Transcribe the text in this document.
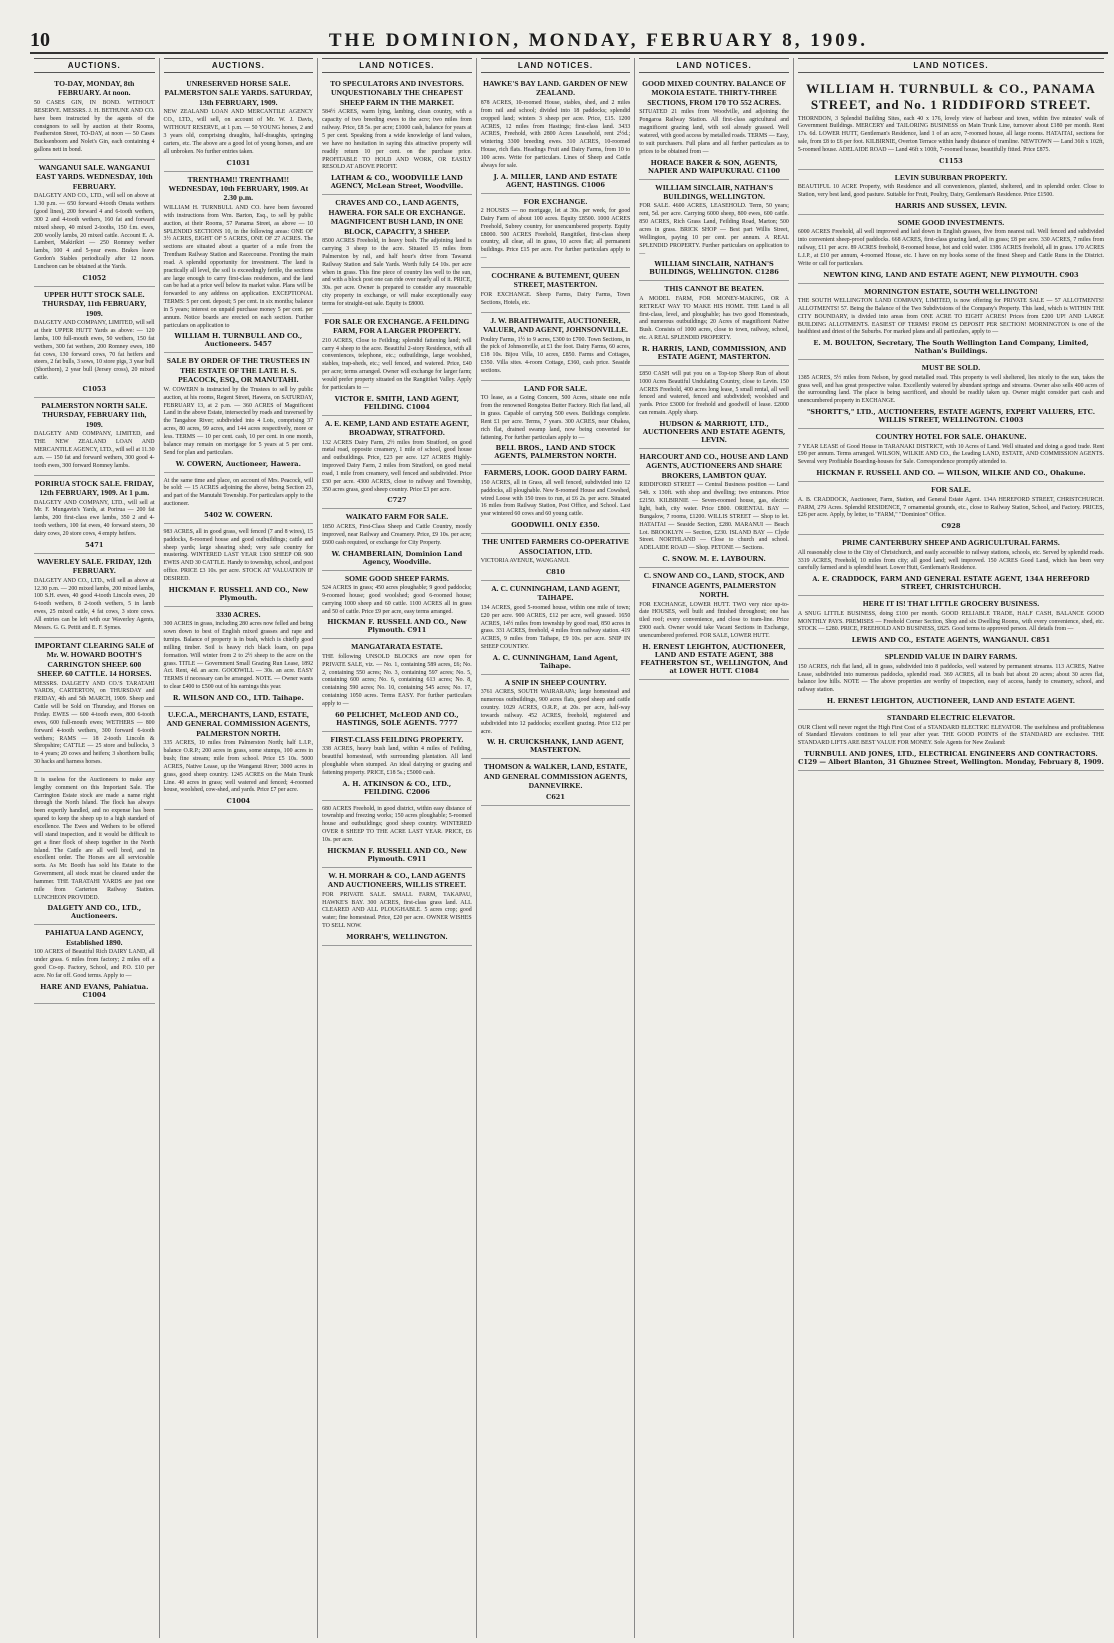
10	THE DOMINION, MONDAY, FEBRUARY 8, 1909.
AUCTIONS.
TO-DAY, MONDAY, 8th FEBRUARY. At noon.
50 CASES GIN, IN BOND. WITHOUT RESERVE. MESSRS. J. H. BETHUNE AND CO. have been instructed by the agents of the consignors to sell by auction at their Rooms, Featherston Street, TO-DAY, at noon — 50 Cases Bucksenboom and Nolet's Gin, each containing 4 gallons nett in bond.
WANGANUI SALE. WANGANUI EAST YARDS. WEDNESDAY, 10th FEBRUARY.
DALGETY AND CO., LTD., will sell on above at 1.30 p.m. — 650 forward 4-tooth Omata wethers (good lines), 200 forward 4 and 6-tooth wethers, 300 2 and 4-tooth wethers, 160 fat and forward mixed sheep, 40 mixed 2-tooths, 150 f.m. ewes, 200 woolly lambs, 20 mixed cattle. Account E. A. Lambert, Makirikiri — 250 Romney wether lambs, 100 4 and 5-year ewes. Brakes leave Gordon's Stables periodically after 12 noon. Luncheon can be obtained at the Yards.
C1052
UPPER HUTT STOCK SALE. THURSDAY, 11th FEBRUARY, 1909.
DALGETY AND COMPANY, LIMITED, will sell at their UPPER HUTT Yards as above: — 120 lambs, 100 full-mouth ewes, 50 wethers, 150 fat wethers, 300 fat wethers, 200 Romney ewes, 180 fat cows, 130 forward cows, 70 fat heifers and steers, 2 fat bulls, 3 sows, 10 store pigs, 3 year bull (Shorthorn), 2 year bull (Jersey cross), 20 mixed cattle.
C1053
PALMERSTON NORTH SALE. THURSDAY, FEBRUARY 11th, 1909.
DALGETY AND COMPANY, LIMITED, and THE NEW ZEALAND LOAN AND MERCANTILE AGENCY, LTD., will sell at 11.30 a.m. — 150 fat and forward wethers, 300 good 4-tooth ewes, 300 forward Romney lambs.
PORIRUA STOCK SALE. FRIDAY, 12th FEBRUARY, 1909. At 1 p.m.
DALGETY AND COMPANY, LTD., will sell at Mr. F. Mungavin's Yards, at Porirua — 200 fat lambs, 200 first-class ewe lambs, 350 2 and 4-tooth wethers, 100 fat ewes, 40 forward steers, 30 dairy cows, 20 store cows, 4 empty heifers.
5471
WAVERLEY SALE. FRIDAY, 12th FEBRUARY.
DALGETY AND CO., LTD., will sell as above at 12.30 p.m. — 200 mixed lambs, 200 mixed lambs, 100 S.H. ewes, 40 good 4-tooth Lincoln ewes, 20 6-tooth wethers, 8 2-tooth wethers, 5 in lamb ewes, 25 mixed cattle, 4 fat cows, 3 store cows. All entries can be left with our Waverley Agents, Messrs. G. G. Pettit and E. F. Symes.
IMPORTANT CLEARING SALE of Mr. W. HOWARD BOOTH'S CARRINGTON SHEEP. 600 SHEEP. 60 CATTLE. 14 HORSES.
MESSRS. DALGETY AND CO.'S TARATAHI YARDS, CARTERTON, on THURSDAY and FRIDAY, 4th and 5th MARCH, 1909. Sheep and Cattle will be Sold on Thursday, and Horses on Friday. EWES — 600 4-tooth ewes, 800 6-tooth ewes, 600 full-mouth ewes; WETHERS — 800 forward 4-tooth wethers, 300 forward 6-tooth wethers; RAMS — 18 2-tooth Lincoln & Shropshire; CATTLE — 25 store and bullocks, 3 to 4 years; 20 cows and heifers; 3 shorthorn bulls; 30 hacks and harness horses.
It is useless for the Auctioneers to make any lengthy comment on this Important Sale. The Carrington Estate stock are made a name right through the North Island. The flock has always been expertly handled, and no expense has been spared to keep the sheep up to a high standard of excellence. The Ewes and Wethers to be offered will stand inspection, and it would be difficult to get a finer flock of sheep together in the North Island. The Cattle are all well bred, and in excellent order. The Horses are all serviceable sorts. As Mr. Booth has sold his Estate to the Government, all stock must be cleared under the hammer. THE TARATAHI YARDS are just one mile from Carterton Railway Station. LUNCHEON PROVIDED.
DALGETY AND CO., LTD., Auctioneers.
PAHIATUA LAND AGENCY, Established 1890.
100 ACRES of Beautiful Rich DAIRY LAND, all under grass. 6 miles from factory; 2 miles off a good Co-op. Factory, School, and P.O. £10 per acre. No far off. Good terms. Apply to —
HARE AND EVANS, Pahiatua. C1004
AUCTIONS.
UNRESERVED HORSE SALE. PALMERSTON SALE YARDS. SATURDAY, 13th FEBRUARY, 1909.
NEW ZEALAND LOAN AND MERCANTILE AGENCY CO., LTD., will sell, on account of Mr. W. J. Davis, WITHOUT RESERVE, at 1 p.m. — 50 YOUNG horses, 2 and 3 years old, comprising draughts, half-draughts, springing carters, etc. The above are a good lot of young horses, and are all unbroken. No further entries taken.
C1031
TRENTHAM!! TRENTHAM!! WEDNESDAY, 10th FEBRUARY, 1909. At 2.30 p.m.
WILLIAM H. TURNBULL AND CO. have been favoured with instructions from Wm. Barton, Esq., to sell by public auction, at their Rooms, 57 Panama Street, as above — 10 SPLENDID SECTIONS 10, in the following areas: ONE OF 3½ ACRES, EIGHT OF 5 ACRES, ONE OF 27 ACRES. The sections are situated about a quarter of a mile from the Trentham Railway Station and Racecourse. Fronting the main road. A splendid opportunity for investment. The land is practically all level, the soil is exceedingly fertile, the sections are large enough to carry first-class residences, and the land can be had at a price well below its market value. Plans will be forwarded to any address on application. EXCEPTIONAL TERMS: 5 per cent. deposit; 5 per cent. in six months; balance in 5 years; interest on unpaid purchase money 5 per cent. per annum. Notice boards are erected on each section. Further particulars on application to
WILLIAM H. TURNBULL AND CO., Auctioneers. 5457
SALE BY ORDER OF THE TRUSTEES IN THE ESTATE OF THE LATE H. S. PEACOCK, ESQ., OR MANUTAHI.
W. COWERN is instructed by the Trustees to sell by public auction, at his rooms, Regent Street, Hawera, on SATURDAY, FEBRUARY 13, at 2 p.m. — 360 ACRES of Magnificent Land in the above Estate, intersected by roads and traversed by the Tangahoe River; subdivided into 4 Lots, comprising 37 acres, 80 acres, 99 acres, and 144 acres respectively, more or less. TERMS — 10 per cent. cash, 10 per cent. in one month, balance may remain on mortgage for 5 years at 5 per cent. Send for plan and particulars.
W. COWERN, Auctioneer, Hawera.
At the same time and place, on account of Mrs. Peacock, will be sold: — 15 ACRES adjoining the above, being Section 23, and part of the Manutahi Township. For particulars apply to the auctioneer.
5402 W. COWERN.
983 ACRES, all in good grass, well fenced (7 and 8 wires), 15 paddocks, 8-roomed house and good outbuildings; cattle and sheep yards; large shearing shed; very safe country for mustering. WINTERED LAST YEAR 1300 SHEEP OR 900 EWES AND 30 CATTLE. Handy to township, school, and post office. PRICE £3 10s. per acre. STOCK AT VALUATION IF DESIRED.
HICKMAN F. RUSSELL AND CO., New Plymouth.
3330 ACRES.
300 ACRES in grass, including 280 acres now felled and being sown down to best of English mixed grasses and rape and turnips. Balance of property is in bush, which is chiefly good milling timber. Soil is heavy rich black loam, on papa formation. Will winter from 2 to 2½ sheep to the acre on the grass. TITLE — Government Small Grazing Run Lease, 1892 Act. Rent, 4d. an acre. GOODWILL — 30s. an acre. EASY TERMS if necessary can be arranged. NOTE. — Owner wants to clear £400 to £500 out of his earnings this year.
R. WILSON AND CO., LTD. Taihape.
U.F.C.A., MERCHANTS, LAND, ESTATE, AND GENERAL COMMISSION AGENTS, PALMERSTON NORTH.
335 ACRES, 10 miles from Palmerston North; half L.I.P., balance O.R.P.; 200 acres in grass, some stumps, 100 acres in bush; fine stream; mile from school. Price £5 10s. 5000 ACRES, Native Lease, up the Wanganui River; 3000 acres in grass, good sheep country. 1245 ACRES on the Main Trunk Line. 40 acres in grass; well watered and fenced; 4-roomed house, woolshed, cow-shed, and yards. Price £7 per acre.
C1004
LAND NOTICES.
TO SPECULATORS AND INVESTORS. UNQUESTIONABLY THE CHEAPEST SHEEP FARM IN THE MARKET.
584½ ACRES, warm lying, lambing, clean country, with a capacity of two breeding ewes to the acre; two miles from railway. Price, £8 5s. per acre; £1000 cash, balance for years at 5 per cent. Speaking from a wide knowledge of land values, we have no hesitation in saying this attractive property will readily return 10 per cent. on the purchase price. PROFITABLE TO HOLD AND WORK, OR EASILY RESOLD AT ABOVE PROFIT.
LATHAM & CO., WOODVILLE LAND AGENCY, McLean Street, Woodville.
CRAVES AND CO., LAND AGENTS, HAWERA. FOR SALE OR EXCHANGE. MAGNIFICENT BUSH LAND, IN ONE BLOCK, CAPACITY, 3 SHEEP.
8500 ACRES Freehold, in heavy bush. The adjoining land is carrying 3 sheep to the acre. Situated 15 miles from Palmerston by rail, and half hour's drive from Tawanui Railway Station and Sale Yards. Worth fully £4 10s. per acre when in grass. This fine piece of country lies well to the sun, and with a block post one can ride over nearly all of it. PRICE, 30s. per acre. Owner is prepared to consider any reasonable city property in exchange, or will make exceptionally easy terms for straight-out sale. Equity is £8000.
FOR SALE OR EXCHANGE. A FEILDING FARM, FOR A LARGER PROPERTY.
210 ACRES, Close to Feilding; splendid fattening land; will carry 4 sheep to the acre. Beautiful 2-story Residence, with all conveniences, telephone, etc.; outbuildings, large woolshed, stables, trap-sheds, etc.; well fenced, and watered. Price, £40 per acre; terms arranged. Owner will exchange for larger farm; would prefer property situated on the Rangitikei Valley. Apply for particulars to —
VICTOR E. SMITH, LAND AGENT, FEILDING. C1004
A. E. KEMP, LAND AND ESTATE AGENT, BROADWAY, STRATFORD.
132 ACRES Dairy Farm, 2½ miles from Stratford, on good metal road, opposite creamery, 1 mile of school, good house and outbuildings. Price, £23 per acre. 127 ACRES Highly-improved Dairy Farm, 2 miles from Stratford, on good metal road, 1 mile from creamery, well fenced and subdivided. Price £30 per acre. 4300 ACRES, close to railway and Township, 350 acres grass, good sheep country. Price £3 per acre.
C727
WAIKATO FARM FOR SALE.
1850 ACRES, First-Class Sheep and Cattle Country, mostly improved, near Railway and Creamery. Price, £9 10s. per acre; £600 cash required, or exchange for City Property.
W. CHAMBERLAIN, Dominion Land Agency, Woodville.
SOME GOOD SHEEP FARMS.
524 ACRES in grass; 450 acres ploughable; 9 good paddocks; 9-roomed house; good woolshed; good 6-roomed house; carrying 1000 sheep and 60 cattle. 1100 ACRES all in grass and 50 of cattle. Price £9 per acre, easy terms arranged.
HICKMAN F. RUSSELL AND CO., New Plymouth. C911
MANGATARATA ESTATE.
THE following UNSOLD BLOCKS are now open for PRIVATE SALE, viz. — No. 1, containing 589 acres, £6; No. 2, containing 550 acres; No. 3, containing 597 acres; No. 5, containing 600 acres; No. 6, containing 613 acres; No. 8, containing 590 acres; No. 10, containing 545 acres; No. 17, containing 1050 acres. Terms EASY. For further particulars apply to —
60 PELICHET, McLEOD AND CO., HASTINGS, SOLE AGENTS. 7777
FIRST-CLASS FEILDING PROPERTY.
338 ACRES, heavy bush land, within 4 miles of Feilding, beautiful homestead, with surrounding plantation. All land ploughable when stumped. An ideal dairying or grazing and fattening property. PRICE, £18 5s.; £5000 cash.
A. H. ATKINSON & CO., LTD., FEILDING. C2006
680 ACRES Freehold, in good district, within easy distance of township and freezing works; 150 acres ploughable; 5-roomed house and outbuildings; good sheep country. WINTERED OVER 8 SHEEP TO THE ACRE LAST YEAR. PRICE, £6 10s. per acre.
HICKMAN F. RUSSELL AND CO., New Plymouth. C911
W. H. MORRAH & CO., LAND AGENTS AND AUCTIONEERS, WILLIS STREET.
FOR PRIVATE SALE. SMALL FARM, TAKAPAU, HAWKE'S BAY. 300 ACRES, first-class grass land. ALL CLEARED AND ALL PLOUGHABLE. 5 acres crop; good water; fine homestead. Price, £20 per acre. OWNER WISHES TO SELL NOW.
MORRAH'S, WELLINGTON.
LAND NOTICES.
HAWKE'S BAY LAND. GARDEN OF NEW ZEALAND.
878 ACRES, 10-roomed House, stables, shed, and 2 miles from rail and school; divided into 18 paddocks; splendid cropped land; winters 3 sheep per acre. Price, £15. 1200 ACRES, 12 miles from Hastings; first-class land. 3433 ACRES, Freehold, with 2800 Acres Leasehold, rent 2½d.; wintering 3300 breeding ewes. 310 ACRES, 10-roomed House, rich flats. Headings Fruit and Dairy Farms, from 10 to 100 acres. Write for particulars. Lines of Sheep and Cattle always for sale.
J. A. MILLER, LAND AND ESTATE AGENT, HASTINGS. C1006
FOR EXCHANGE.
2 HOUSES — no mortgage, let at 30s. per week, for good Dairy Farm of about 100 acres. Equity £8500. 1000 ACRES Freehold, Subrey country, for unencumbered property. Equity £8000. 500 ACRES Freehold, Rangitikei, first-class sheep country, all clear, all in grass, 10 acres flat; all permanent buildings. Price £15 per acre. For further particulars apply to —
COCHRANE & BUTEMENT, QUEEN STREET, MASTERTON.
FOR EXCHANGE. Sheep Farms, Dairy Farms, Town Sections, Hotels, etc.
J. W. BRAITHWAITE, AUCTIONEER, VALUER, AND AGENT, JOHNSONVILLE.
Poultry Farms, 1½ to 9 acres, £300 to £700. Town Sections, in the pick of Johnsonville, at £1 the foot. Dairy Farms, 60 acres, £18 10s. Bijou Villa, 10 acres, £850. Farms and Cottages, £350. Villa sites. 4-room Cottage, £360, cash price. Seaside sections.
LAND FOR SALE.
TO lease, as a Going Concern, 500 Acres, situate one mile from the renowned Rongotea Butter Factory. Rich flat land, all in grass. Capable of carrying 500 ewes. Buildings complete. Rent £1 per acre. Terms, 7 years. 300 ACRES, near Ohakea, rich flat, drained swamp land, now being converted for fattening. For further particulars apply to —
BELL BROS., LAND AND STOCK AGENTS, PALMERSTON NORTH.
FARMERS, LOOK. GOOD DAIRY FARM.
150 ACRES, all in Grass, all well fenced, subdivided into 12 paddocks, all ploughable. New 8-roomed House and Cowshed, wired Loose with 150 trees to run, at £6 2s. per acre. Situated 16 miles from Railway Station, Post Office, and School. Last year wintered 60 cows and 60 young cattle.
GOODWILL ONLY £350.
THE UNITED FARMERS CO-OPERATIVE ASSOCIATION, LTD.
VICTORIA AVENUE, WANGANUI.
C810
A. C. CUNNINGHAM, LAND AGENT, TAIHAPE.
134 ACRES, good 5-roomed house, within one mile of town; £20 per acre. 900 ACRES, £12 per acre, well grassed. 1650 ACRES, 14½ miles from township by good road, 850 acres in grass. 331 ACRES, freehold, 4 miles from railway station. 419 ACRES, 9 miles from Taihape, £9 10s. per acre. SNIP IN SHEEP COUNTRY.
A. C. CUNNINGHAM, Land Agent, Taihape.
A SNIP IN SHEEP COUNTRY.
3761 ACRES, SOUTH WAIRARAPA; large homestead and numerous outbuildings, 900 acres flats, good sheep and cattle country. 1029 ACRES, O.R.P., at 20s. per acre, half-way towards railway. 452 ACRES, freehold, registered and subdivided into 12 paddocks; excellent grazing. Price £12 per acre.
W. H. CRUICKSHANK, LAND AGENT, MASTERTON.
THOMSON & WALKER, LAND, ESTATE, AND GENERAL COMMISSION AGENTS, DANNEVIRKE.
C621
LAND NOTICES.
GOOD MIXED COUNTRY. BALANCE OF MOKOIA ESTATE. THIRTY-THREE SECTIONS, FROM 170 TO 552 ACRES.
SITUATED 21 miles from Woodville, and adjoining the Pongaroa Railway Station. All first-class agricultural and magnificent grazing land, with soil already grassed. Well watered, with good access by metalled roads. TERMS — Easy, to suit purchasers. Full plans and all further particulars as to prices to be obtained from —
HORACE BAKER & SON, AGENTS, NAPIER AND WAIPUKURAU. C1100
WILLIAM SINCLAIR, NATHAN'S BUILDINGS, WELLINGTON.
FOR SALE. 4600 ACRES, LEASEHOLD. Term, 50 years; rent, 5d. per acre. Carrying 6000 sheep, 800 ewes, 600 cattle. 850 ACRES, Rich Grass Land, Feilding Road, Marton; 500 acres in grass. BRICK SHOP — Best part Willis Street, Wellington, paying 10 per cent. per annum. A REAL SPLENDID PROPERTY. Further particulars on application to —
WILLIAM SINCLAIR, NATHAN'S BUILDINGS, WELLINGTON. C1286
THIS CANNOT BE BEATEN.
A MODEL FARM, FOR MONEY-MAKING, OR A RETREAT WAY TO MAKE HIS HOME. THE Land is all first-class, level, and ploughable; has two good Homesteads, and numerous outbuildings; 20 Acres of magnificent Native Bush. Consists of 1000 acres, close to town, railway, school, etc. A REAL SPLENDID PROPERTY.
R. HARRIS, LAND, COMMISSION, AND ESTATE AGENT, MASTERTON.
£850 CASH will put you on a Top-top Sheep Run of about 1000 Acres Beautiful Undulating Country, close to Levin. 150 ACRES Freehold, 400 acres long lease, 5 small rental, all well fenced and watered, fenced and subdivided; woolshed and yards. Price £3000 for freehold and goodwill of lease. £2000 can remain. Apply sharp.
HUDSON & MARRIOTT, LTD., AUCTIONEERS AND ESTATE AGENTS, LEVIN.
HARCOURT AND CO., HOUSE AND LAND AGENTS, AUCTIONEERS AND SHARE BROKERS, LAMBTON QUAY.
RIDDIFORD STREET — Central Business position — Land 54ft. x 130ft. with shop and dwelling; two entrances. Price £2150. KILBIRNIE — Seven-roomed house, gas, electric light, bath, city water. Price £800. ORIENTAL BAY — Bungalow, 7 rooms, £1200. WILLIS STREET — Shop to let. HATAITAI — Seaside Section, £280. MARANUI — Beach Lot. BROOKLYN — Section, £230. ISLAND BAY — Clyde Street. NORTHLAND — Close to church and school. ADELAIDE ROAD — Shop. PETONE — Sections.
C. SNOW. M. E. LAYBOURN.
C. SNOW AND CO., LAND, STOCK, AND FINANCE AGENTS, PALMERSTON NORTH.
FOR EXCHANGE, LOWER HUTT. TWO very nice up-to-date HOUSES, well built and finished throughout; one has tiled roof; every convenience, and close to tram-line. Price £900 each. Owner would take Vacant Sections in Exchange, unencumbered preferred. FOR SALE, LOWER HUTT.
H. ERNEST LEIGHTON, AUCTIONEER, LAND AND ESTATE AGENT, 388 FEATHERSTON ST., WELLINGTON, And at LOWER HUTT. C1084
LAND NOTICES.
WILLIAM H. TURNBULL & CO., PANAMA STREET, and No. 1 RIDDIFORD STREET.
THORNDON, 3 Splendid Building Sites, each 40 x 176, lovely view of harbour and town, within five minutes' walk of Government Buildings. MERCERY and TAILORING BUSINESS on Main Trunk Line, turnover about £180 per month. Rent 17s. 6d. LOWER HUTT, Gentleman's Residence, land 1 of an acre, 7-roomed house, all large rooms. HATAITAI, sections for sale, from £8 to £6 per foot. KILBIRNIE, Overton Terrace within handy distance of tramline. NEWTOWN — Land 36ft x 102ft, 5-roomed house. ADELAIDE ROAD — Land 46ft x 100ft, 7-roomed house, beautifully fitted. Price £875.
C1153
LEVIN SUBURBAN PROPERTY.
BEAUTIFUL 10 ACRE Property, with Residence and all conveniences, planted, sheltered, and in splendid order. Close to Station, very best land, good pasture. Suitable for Fruit, Poultry, Dairy, Gentleman's Residence. Price £1500.
HARRIS AND SUSSEX, LEVIN.
SOME GOOD INVESTMENTS.
6000 ACRES Freehold, all well improved and laid down in English grasses, five from nearest rail. Well fenced and subdivided into convenient sheep-proof paddocks. 668 ACRES, first-class grazing land, all in grass; £8 per acre. 330 ACRES, 7 miles from railway, £11 per acre. 89 ACRES freehold, 8-roomed house, hot and cold water. 1386 ACRES freehold, all in grass. 170 ACRES L.I.P., at £10 per annum, 4-roomed House, etc. I have on my books some of the finest Sheep and Cattle Runs in the District. Write or call for particulars.
NEWTON KING, LAND AND ESTATE AGENT, NEW PLYMOUTH. C903
MORNINGTON ESTATE, SOUTH WELLINGTON!
THE SOUTH WELLINGTON LAND COMPANY, LIMITED, is now offering for PRIVATE SALE — 57 ALLOTMENTS! ALLOTMENTS! 57. Being the Balance of the Two Subdivisions of the Company's Property. This land, which is WITHIN THE CITY BOUNDARY, is divided into areas from ONE ACRE TO EIGHT ACRES! Prices from £200 UP! AND LARGE BUILDING ALLOTMENTS. EASIEST OF TERMS! FROM £5 DEPOSIT PER SECTION! MORNINGTON is one of the healthiest and driest of the Suburbs. For marked plans and all particulars, apply to —
E. M. BOULTON, Secretary, The South Wellington Land Company, Limited, Nathan's Buildings.
MUST BE SOLD.
1385 ACRES, 5½ miles from Nelson, by good metalled road. This property is well sheltered, lies nicely to the sun, takes the grass well, and has great prospective value. Excellently watered by abundant springs and streams. Owner also sells 400 acres of the surrounding land. The place is being sacrificed, and should be readily taken up. Owner might consider part cash and unencumbered property in EXCHANGE.
"SHORTT'S," LTD., AUCTIONEERS, ESTATE AGENTS, EXPERT VALUERS, ETC. WILLIS STREET, WELLINGTON. C1003
COUNTRY HOTEL FOR SALE. OHAKUNE.
7 YEAR LEASE of Good House in TARANAKI DISTRICT, with 10 Acres of Land. Well situated and doing a good trade. Rent £90 per annum. Terms arranged. WILSON, WILKIE AND CO., the Leading LAND, ESTATE, AND COMMISSION AGENTS. Several very Profitable Boarding-houses for Sale. Correspondence promptly attended to.
HICKMAN F. RUSSELL AND CO. — WILSON, WILKIE AND CO., Ohakune.
FOR SALE.
A. B. CRADDOCK, Auctioneer, Farm, Station, and General Estate Agent. 134A HEREFORD STREET, CHRISTCHURCH. FARM, 279 Acres. Splendid RESIDENCE, 7 ornamental grounds, etc., close to Railway Station, School, and Factory. PRICES, £26 per acre. Apply, by letter, to "FARM," "Dominion" Office.
C928
PRIME CANTERBURY SHEEP AND AGRICULTURAL FARMS.
All reasonably close to the City of Christchurch, and easily accessible to railway stations, schools, etc. Served by splendid roads. 3319 ACRES, Freehold, 10 miles from city; all good land; well improved. 150 ACRES Good Land, which has been very carefully farmed and is splendid heart. Lower Hutt, Gentleman's Residence.
A. E. CRADDOCK, FARM AND GENERAL ESTATE AGENT, 134A HEREFORD STREET, CHRISTCHURCH.
HERE IT IS! THAT LITTLE GROCERY BUSINESS.
A SNUG LITTLE BUSINESS, doing £100 per month. GOOD RELIABLE TRADE, HALF CASH, BALANCE GOOD MONTHLY PAYS. PREMISES — Freehold Corner Section, Shop and six Dwelling Rooms, with every convenience, shed, etc. STOCK — £280. PRICE, FREEHOLD AND BUSINESS, £825. Good terms to approved person. All details from —
LEWIS AND CO., ESTATE AGENTS, WANGANUI. C851
SPLENDID VALUE IN DAIRY FARMS.
150 ACRES, rich flat land, all in grass, subdivided into 8 paddocks, well watered by permanent streams. 113 ACRES, Native Lease, subdivided into numerous paddocks, splendid road. 369 ACRES, all in bush but about 20 acres; about 30 acres flat, balance low hills. NOTE — The above properties are worthy of inspection, easy of access, handy to creamery, school, and railway station.
H. ERNEST LEIGHTON, AUCTIONEER, LAND AND ESTATE AGENT.
STANDARD ELECTRIC ELEVATOR.
OUR Client will never regret the High First Cost of a STANDARD ELECTRIC ELEVATOR. The usefulness and profitableness of Standard Elevators continues to tell year after year. THE GOOD POINTS of the STANDARD are exclusive. THE STANDARD LIFTS ARE BEST VALUE FOR MONEY. Sole Agents for New Zealand:
TURNBULL AND JONES, LTD., ELECTRICAL ENGINEERS AND CONTRACTORS. C129 — Albert Blanton, 31 Ghuznee Street, Wellington. Monday, February 8, 1909.
